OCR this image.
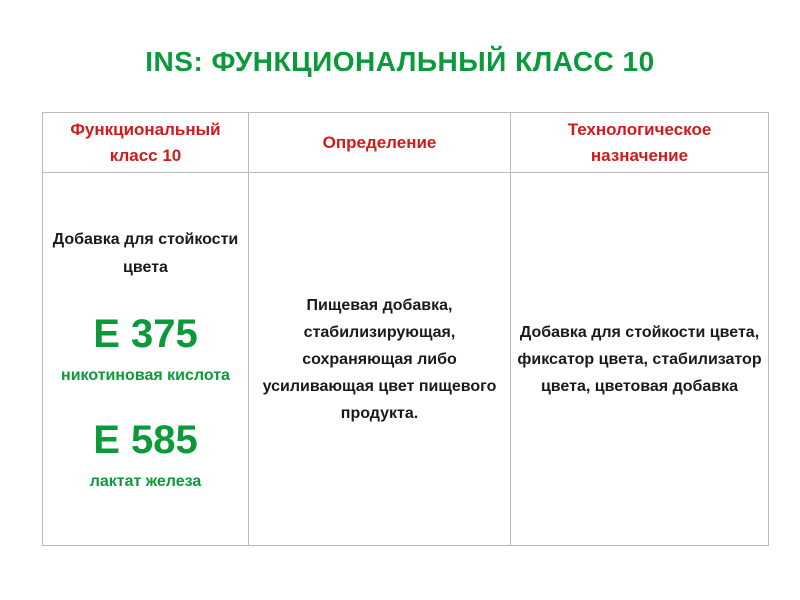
INS: ФУНКЦИОНАЛЬНЫЙ КЛАСС 10
Функциональный класс 10	Определение	Технологическое назначение

Добавка для стойкости цвета
Е 375
никотиновая кислота
Е 585
лактат железа	Пищевая добавка, стабилизирующая, сохраняющая либо усиливающая цвет пищевого продукта.	Добавка для стойкости цвета, фиксатор цвета, стабилизатор цвета, цветовая добавка
